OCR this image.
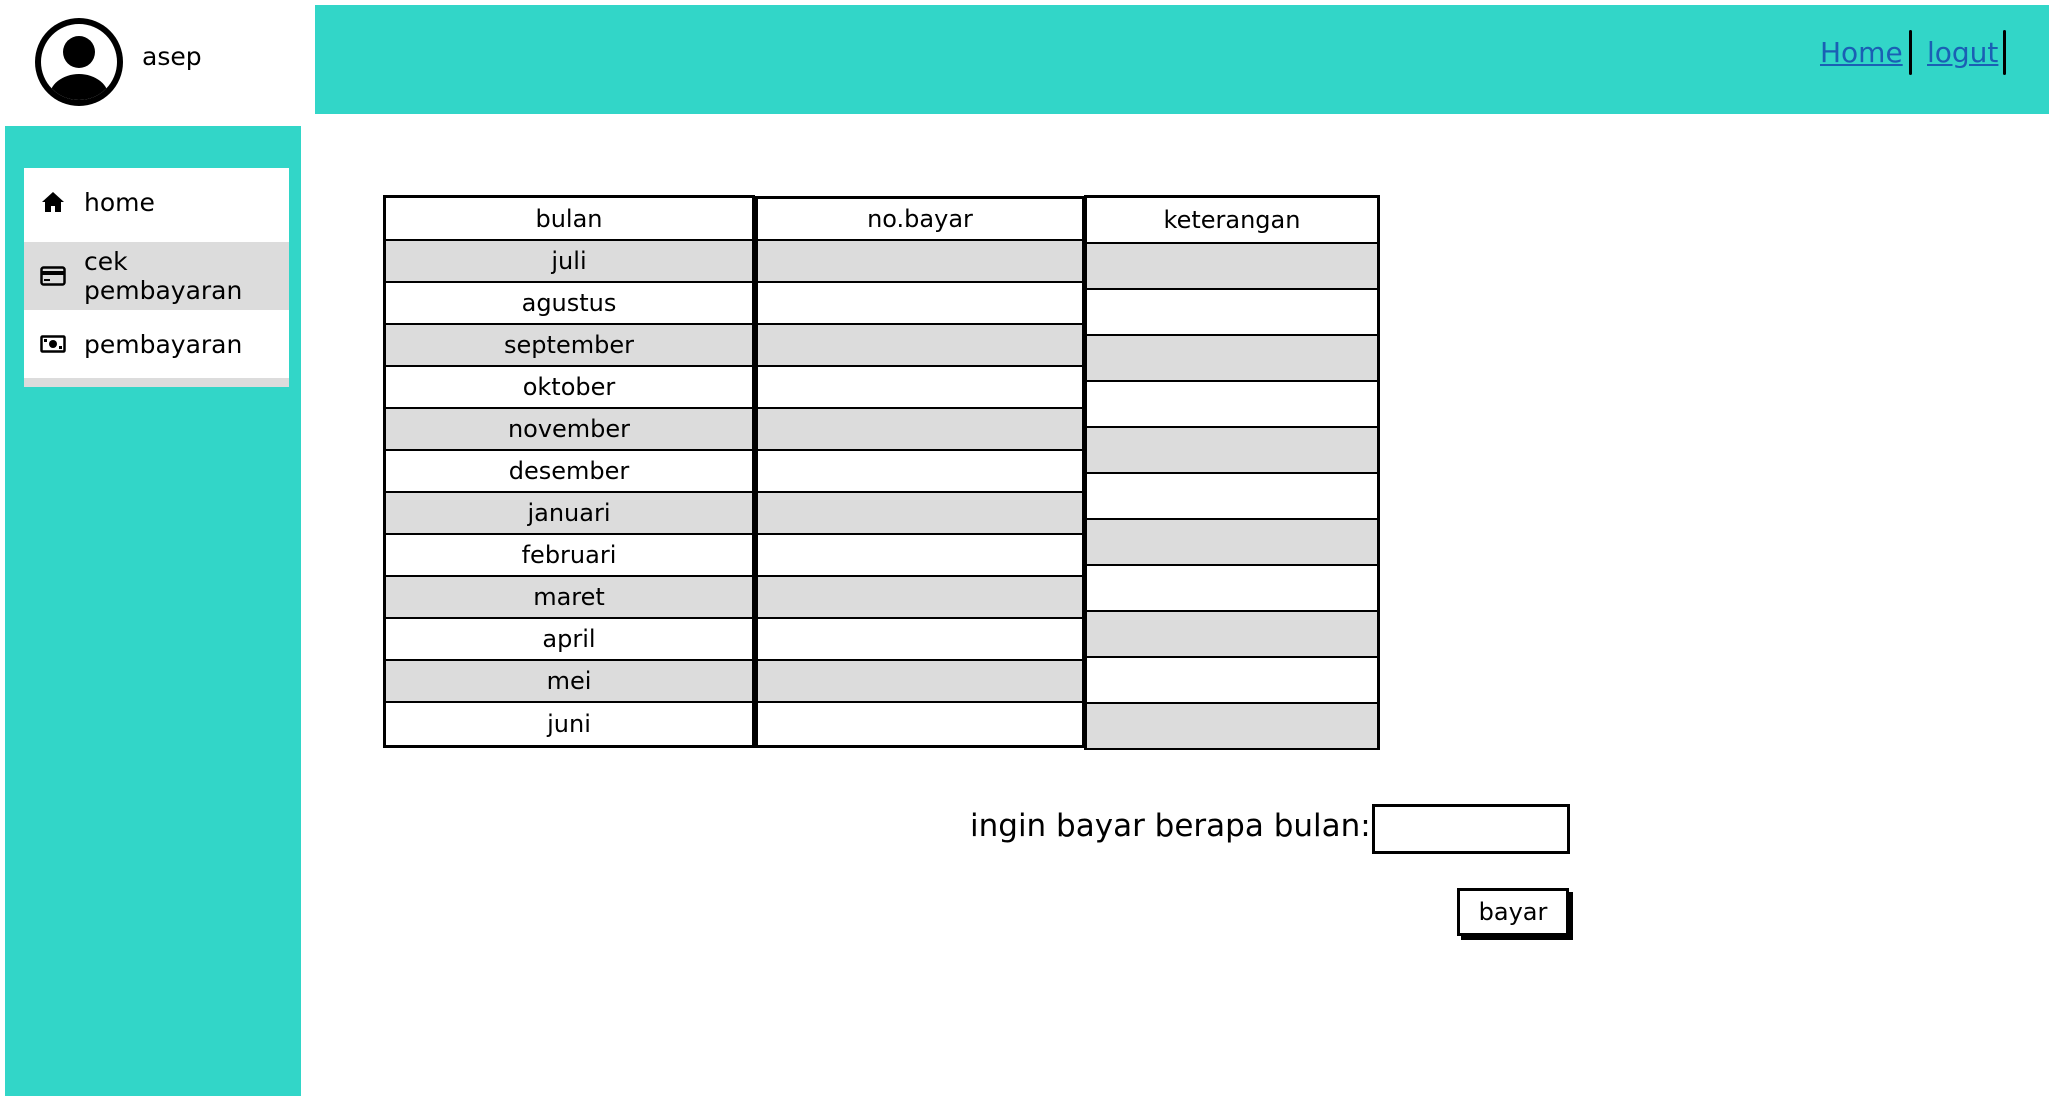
asep	Home logut
home
cek pembayaran
pembayaran
bulan
juli
agustus
september
oktober
november
desember
januari
februari
maret
april
mei
juni
no.bayar	keterangan
ingin bayar berapa bulan:
bayar
